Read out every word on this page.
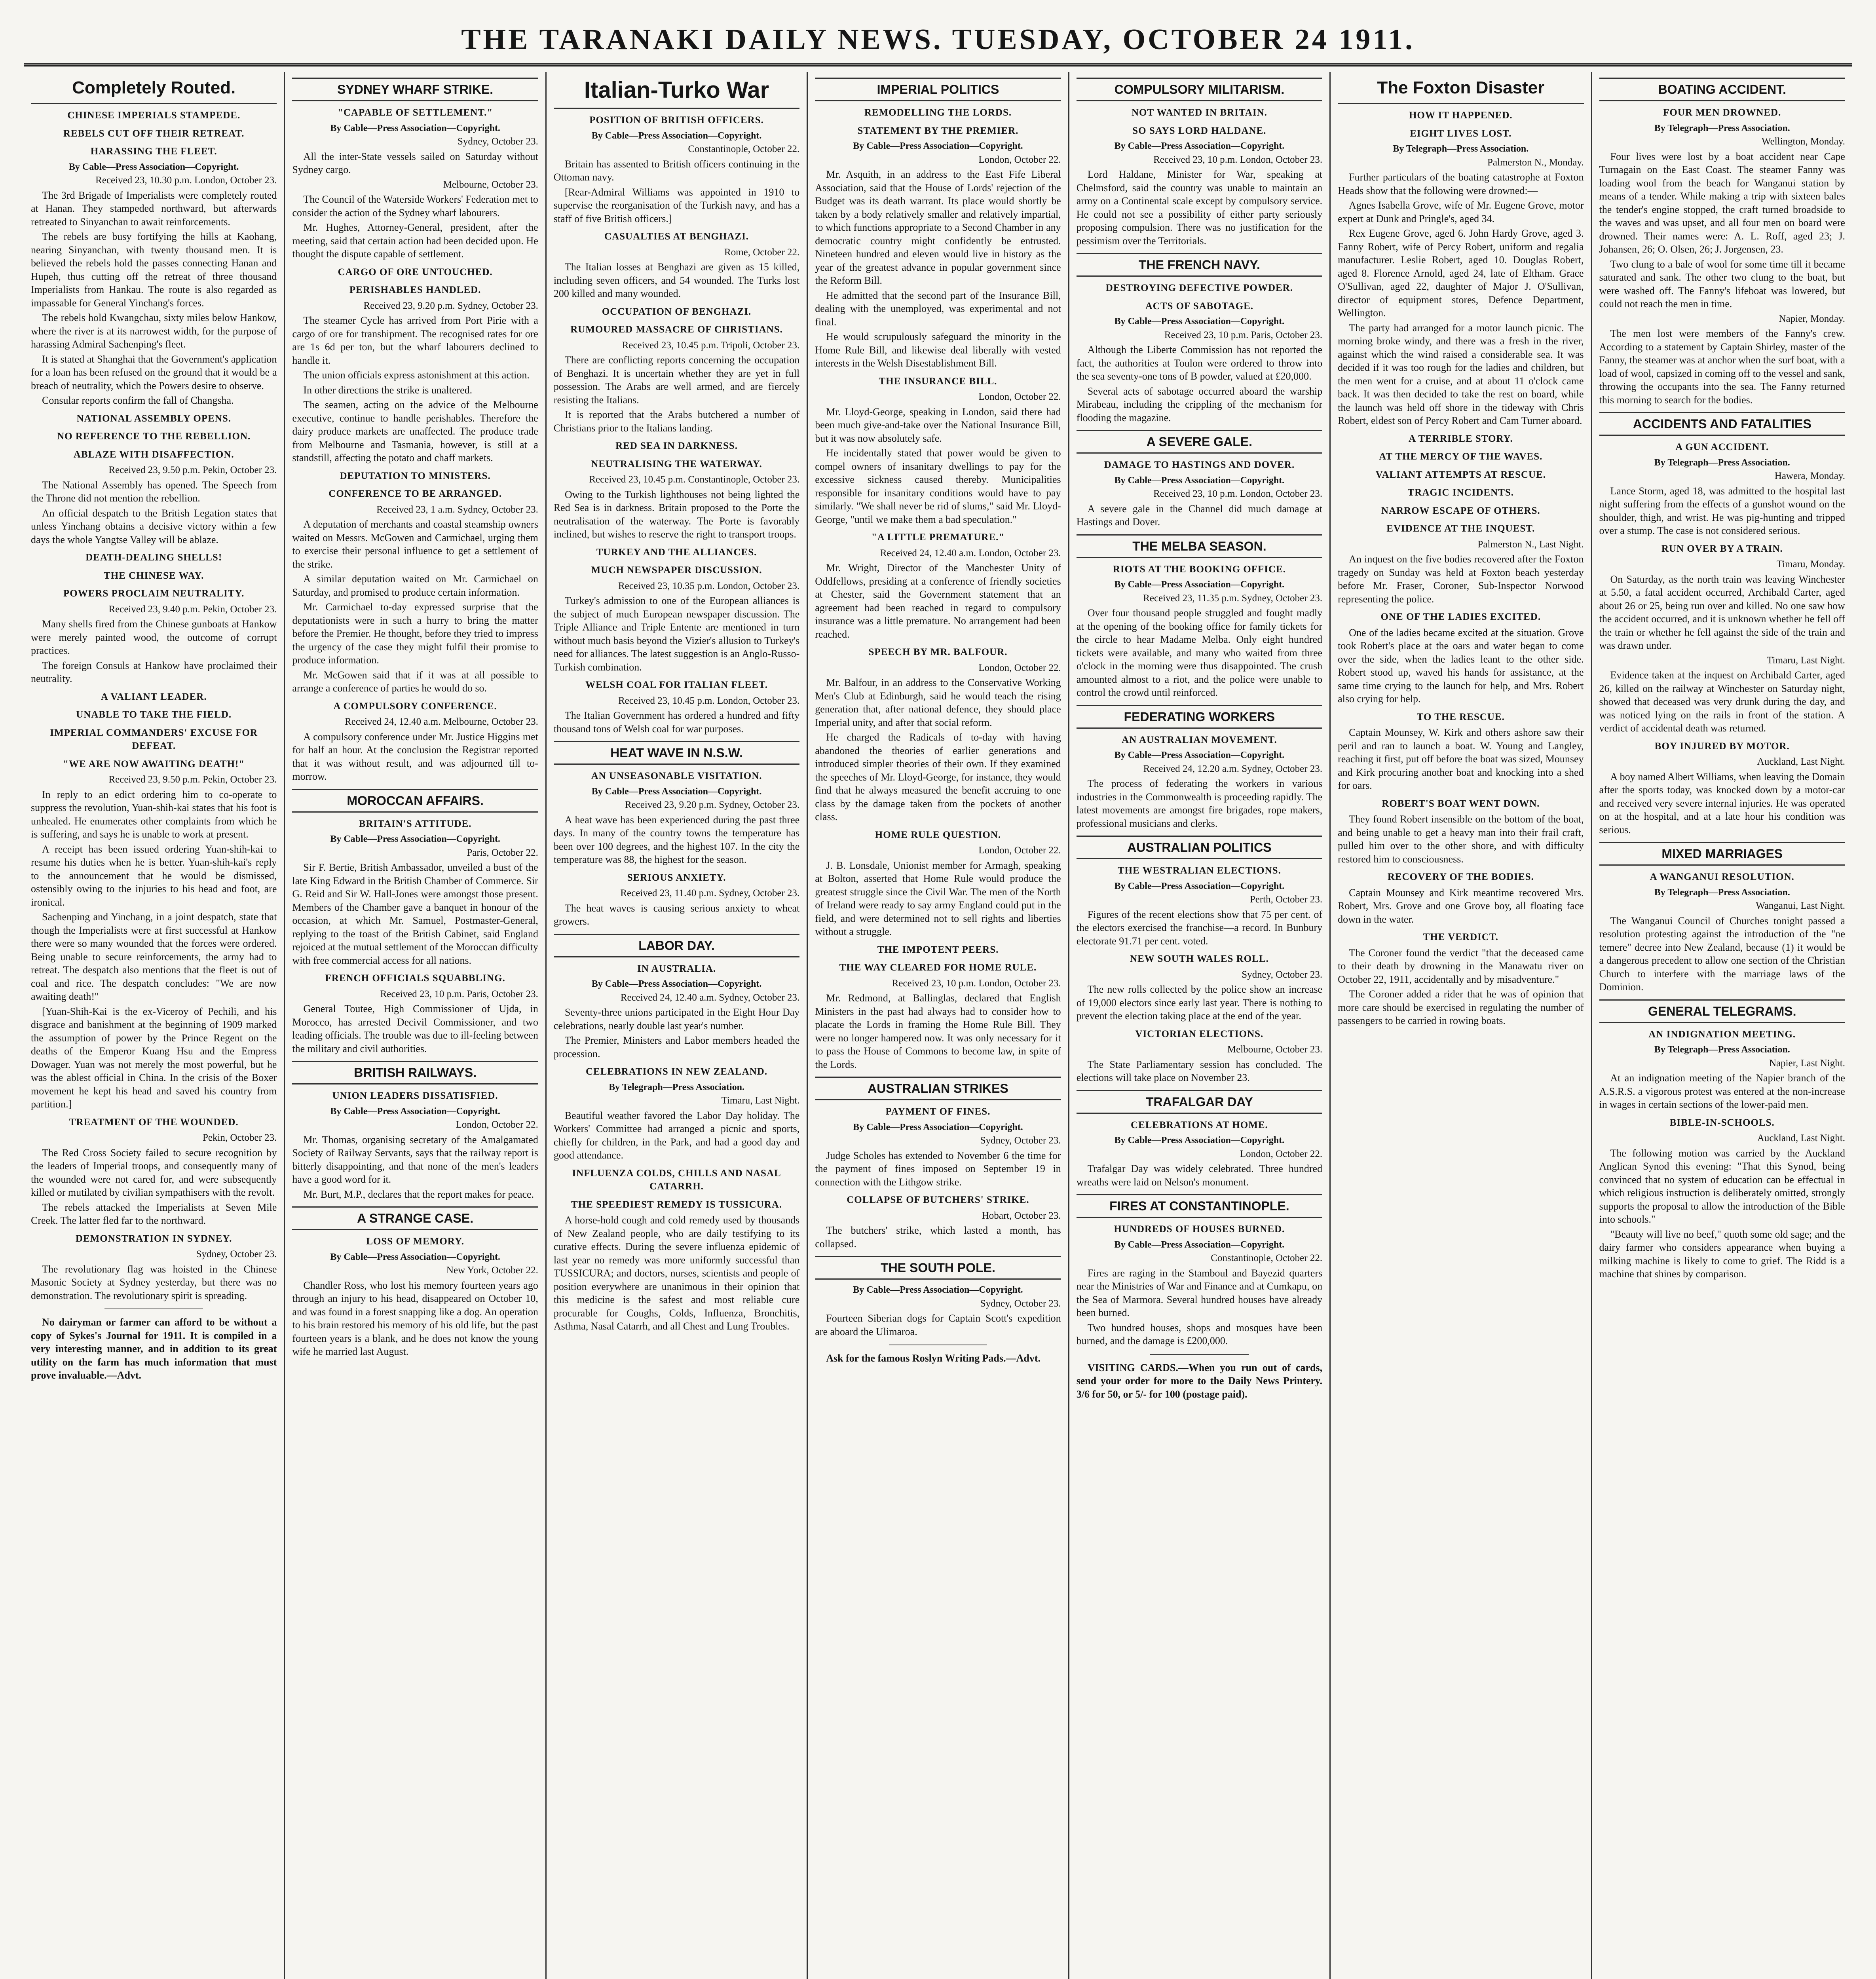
THE TARANAKI DAILY NEWS. TUESDAY, OCTOBER 24 1911.
Completely Routed.
CHINESE IMPERIALS STAMPEDE.
REBELS CUT OFF THEIR RETREAT.
HARASSING THE FLEET.

By Cable—Press Association—Copyright.

Received 23, 10.30 p.m. London, October 23.

The 3rd Brigade of Imperialists were completely routed at Hanan. They stampeded northward, but afterwards retreated to Sinyanchan to await reinforcements.

The rebels are busy fortifying the hills at Kaohang, nearing Sinyanchan, with twenty thousand men. It is believed the rebels hold the passes connecting Hanan and Hupeh, thus cutting off the retreat of three thousand Imperialists from Hankau. The route is also regarded as impassable for General Yinchang's forces.

The rebels hold Kwangchau, sixty miles below Hankow, where the river is at its narrowest width, for the purpose of harassing Admiral Sachenping's fleet.

It is stated at Shanghai that the Government's application for a loan has been refused on the ground that it would be a breach of neutrality, which the Powers desire to observe.

Consular reports confirm the fall of Changsha.

NATIONAL ASSEMBLY OPENS.
NO REFERENCE TO THE REBELLION.
ABLAZE WITH DISAFFECTION.

Received 23, 9.50 p.m. Pekin, October 23.

The National Assembly has opened. The Speech from the Throne did not mention the rebellion.

An official despatch to the British Legation states that unless Yinchang obtains a decisive victory within a few days the whole Yangtse Valley will be ablaze.

DEATH-DEALING SHELLS!
THE CHINESE WAY.
POWERS PROCLAIM NEUTRALITY.

Received 23, 9.40 p.m. Pekin, October 23.

Many shells fired from the Chinese gunboats at Hankow were merely painted wood, the outcome of corrupt practices.

The foreign Consuls at Hankow have proclaimed their neutrality.

A VALIANT LEADER.
UNABLE TO TAKE THE FIELD.
IMPERIAL COMMANDERS' EXCUSE FOR DEFEAT.
"WE ARE NOW AWAITING DEATH!"

Received 23, 9.50 p.m. Pekin, October 23.

In reply to an edict ordering him to co-operate to suppress the revolution, Yuan-shih-kai states that his foot is unhealed. He enumerates other complaints from which he is suffering, and says he is unable to work at present.

A receipt has been issued ordering Yuan-shih-kai to resume his duties when he is better. Yuan-shih-kai's reply to the announcement that he would be dismissed, ostensibly owing to the injuries to his head and foot, are ironical.

Sachenping and Yinchang, in a joint despatch, state that though the Imperialists were at first successful at Hankow there were so many wounded that the forces were ordered. Being unable to secure reinforcements, the army had to retreat. The despatch also mentions that the fleet is out of coal and rice. The despatch concludes: "We are now awaiting death!"

[Yuan-Shih-Kai is the ex-Viceroy of Pechili, and his disgrace and banishment at the beginning of 1909 marked the assumption of power by the Prince Regent on the deaths of the Emperor Kuang Hsu and the Empress Dowager. Yuan was not merely the most powerful, but he was the ablest official in China. In the crisis of the Boxer movement he kept his head and saved his country from partition.]

TREATMENT OF THE WOUNDED.

Pekin, October 23.

The Red Cross Society failed to secure recognition by the leaders of Imperial troops, and consequently many of the wounded were not cared for, and were subsequently killed or mutilated by civilian sympathisers with the revolt.

The rebels attacked the Imperialists at Seven Mile Creek. The latter fled far to the northward.

DEMONSTRATION IN SYDNEY.

Sydney, October 23.

The revolutionary flag was hoisted in the Chinese Masonic Society at Sydney yesterday, but there was no demonstration. The revolutionary spirit is spreading.

No dairyman or farmer can afford to be without a copy of Sykes's Journal for 1911. It is compiled in a very interesting manner, and in addition to its great utility on the farm has much information that must prove invaluable.—Advt.

SYDNEY WHARF STRIKE.
"CAPABLE OF SETTLEMENT."

By Cable—Press Association—Copyright.

Sydney, October 23.

All the inter-State vessels sailed on Saturday without Sydney cargo.

Melbourne, October 23.

The Council of the Waterside Workers' Federation met to consider the action of the Sydney wharf labourers.

Mr. Hughes, Attorney-General, president, after the meeting, said that certain action had been decided upon. He thought the dispute capable of settlement.

CARGO OF ORE UNTOUCHED.
PERISHABLES HANDLED.

Received 23, 9.20 p.m. Sydney, October 23.

The steamer Cycle has arrived from Port Pirie with a cargo of ore for transhipment. The recognised rates for ore are 1s 6d per ton, but the wharf labourers declined to handle it.

The union officials express astonishment at this action.

In other directions the strike is unaltered.

The seamen, acting on the advice of the Melbourne executive, continue to handle perishables. Therefore the dairy produce markets are unaffected. The produce trade from Melbourne and Tasmania, however, is still at a standstill, affecting the potato and chaff markets.

DEPUTATION TO MINISTERS.
CONFERENCE TO BE ARRANGED.

Received 23, 1 a.m. Sydney, October 23.

A deputation of merchants and coastal steamship owners waited on Messrs. McGowen and Carmichael, urging them to exercise their personal influence to get a settlement of the strike.

A similar deputation waited on Mr. Carmichael on Saturday, and promised to produce certain information.

Mr. Carmichael to-day expressed surprise that the deputationists were in such a hurry to bring the matter before the Premier. He thought, before they tried to impress the urgency of the case they might fulfil their promise to produce information.

Mr. McGowen said that if it was at all possible to arrange a conference of parties he would do so.

A COMPULSORY CONFERENCE.

Received 24, 12.40 a.m. Melbourne, October 23.

A compulsory conference under Mr. Justice Higgins met for half an hour. At the conclusion the Registrar reported that it was without result, and was adjourned till to-morrow.

MOROCCAN AFFAIRS.
BRITAIN'S ATTITUDE.

By Cable—Press Association—Copyright.

Paris, October 22.

Sir F. Bertie, British Ambassador, unveiled a bust of the late King Edward in the British Chamber of Commerce. Sir G. Reid and Sir W. Hall-Jones were amongst those present. Members of the Chamber gave a banquet in honour of the occasion, at which Mr. Samuel, Postmaster-General, replying to the toast of the British Cabinet, said England rejoiced at the mutual settlement of the Moroccan difficulty with free commercial access for all nations.

FRENCH OFFICIALS SQUABBLING.

Received 23, 10 p.m. Paris, October 23.

General Toutee, High Commissioner of Ujda, in Morocco, has arrested Decivil Commissioner, and two leading officials. The trouble was due to ill-feeling between the military and civil authorities.

BRITISH RAILWAYS.
UNION LEADERS DISSATISFIED.

By Cable—Press Association—Copyright.

London, October 22.

Mr. Thomas, organising secretary of the Amalgamated Society of Railway Servants, says that the railway report is bitterly disappointing, and that none of the men's leaders have a good word for it.

Mr. Burt, M.P., declares that the report makes for peace.

A STRANGE CASE.
LOSS OF MEMORY.

By Cable—Press Association—Copyright.

New York, October 22.

Chandler Ross, who lost his memory fourteen years ago through an injury to his head, disappeared on October 10, and was found in a forest snapping like a dog. An operation to his brain restored his memory of his old life, but the past fourteen years is a blank, and he does not know the young wife he married last August.

Italian-Turko War
POSITION OF BRITISH OFFICERS.

By Cable—Press Association—Copyright.

Constantinople, October 22.

Britain has assented to British officers continuing in the Ottoman navy.

[Rear-Admiral Williams was appointed in 1910 to supervise the reorganisation of the Turkish navy, and has a staff of five British officers.]

CASUALTIES AT BENGHAZI.

Rome, October 22.

The Italian losses at Benghazi are given as 15 killed, including seven officers, and 54 wounded. The Turks lost 200 killed and many wounded.

OCCUPATION OF BENGHAZI.
RUMOURED MASSACRE OF CHRISTIANS.

Received 23, 10.45 p.m. Tripoli, October 23.

There are conflicting reports concerning the occupation of Benghazi. It is uncertain whether they are yet in full possession. The Arabs are well armed, and are fiercely resisting the Italians.

It is reported that the Arabs butchered a number of Christians prior to the Italians landing.

RED SEA IN DARKNESS.
NEUTRALISING THE WATERWAY.

Received 23, 10.45 p.m. Constantinople, October 23.

Owing to the Turkish lighthouses not being lighted the Red Sea is in darkness. Britain proposed to the Porte the neutralisation of the waterway. The Porte is favorably inclined, but wishes to reserve the right to transport troops.

TURKEY AND THE ALLIANCES.
MUCH NEWSPAPER DISCUSSION.

Received 23, 10.35 p.m. London, October 23.

Turkey's admission to one of the European alliances is the subject of much European newspaper discussion. The Triple Alliance and Triple Entente are mentioned in turn without much basis beyond the Vizier's allusion to Turkey's need for alliances. The latest suggestion is an Anglo-Russo-Turkish combination.

WELSH COAL FOR ITALIAN FLEET.

Received 23, 10.45 p.m. London, October 23.

The Italian Government has ordered a hundred and fifty thousand tons of Welsh coal for war purposes.

HEAT WAVE IN N.S.W.
AN UNSEASONABLE VISITATION.

By Cable—Press Association—Copyright.

Received 23, 9.20 p.m. Sydney, October 23.

A heat wave has been experienced during the past three days. In many of the country towns the temperature has been over 100 degrees, and the highest 107. In the city the temperature was 88, the highest for the season.

SERIOUS ANXIETY.

Received 23, 11.40 p.m. Sydney, October 23.

The heat waves is causing serious anxiety to wheat growers.

LABOR DAY.
IN AUSTRALIA.

By Cable—Press Association—Copyright.

Received 24, 12.40 a.m. Sydney, October 23.

Seventy-three unions participated in the Eight Hour Day celebrations, nearly double last year's number.

The Premier, Ministers and Labor members headed the procession.

CELEBRATIONS IN NEW ZEALAND.

By Telegraph—Press Association.

Timaru, Last Night.

Beautiful weather favored the Labor Day holiday. The Workers' Committee had arranged a picnic and sports, chiefly for children, in the Park, and had a good day and good attendance.

INFLUENZA COLDS, CHILLS AND NASAL CATARRH.
THE SPEEDIEST REMEDY IS TUSSICURA.

A horse-hold cough and cold remedy used by thousands of New Zealand people, who are daily testifying to its curative effects. During the severe influenza epidemic of last year no remedy was more uniformly successful than TUSSICURA; and doctors, nurses, scientists and people of position everywhere are unanimous in their opinion that this medicine is the safest and most reliable cure procurable for Coughs, Colds, Influenza, Bronchitis, Asthma, Nasal Catarrh, and all Chest and Lung Troubles.

IMPERIAL POLITICS
REMODELLING THE LORDS.
STATEMENT BY THE PREMIER.

By Cable—Press Association—Copyright.

London, October 22.

Mr. Asquith, in an address to the East Fife Liberal Association, said that the House of Lords' rejection of the Budget was its death warrant. Its place would shortly be taken by a body relatively smaller and relatively impartial, to which functions appropriate to a Second Chamber in any democratic country might confidently be entrusted. Nineteen hundred and eleven would live in history as the year of the greatest advance in popular government since the Reform Bill.

He admitted that the second part of the Insurance Bill, dealing with the unemployed, was experimental and not final.

He would scrupulously safeguard the minority in the Home Rule Bill, and likewise deal liberally with vested interests in the Welsh Disestablishment Bill.

THE INSURANCE BILL.

London, October 22.

Mr. Lloyd-George, speaking in London, said there had been much give-and-take over the National Insurance Bill, but it was now absolutely safe.

He incidentally stated that power would be given to compel owners of insanitary dwellings to pay for the excessive sickness caused thereby. Municipalities responsible for insanitary conditions would have to pay similarly. "We shall never be rid of slums," said Mr. Lloyd-George, "until we make them a bad speculation."

"A LITTLE PREMATURE."

Received 24, 12.40 a.m. London, October 23.

Mr. Wright, Director of the Manchester Unity of Oddfellows, presiding at a conference of friendly societies at Chester, said the Government statement that an agreement had been reached in regard to compulsory insurance was a little premature. No arrangement had been reached.

SPEECH BY MR. BALFOUR.

London, October 22.

Mr. Balfour, in an address to the Conservative Working Men's Club at Edinburgh, said he would teach the rising generation that, after national defence, they should place Imperial unity, and after that social reform.

He charged the Radicals of to-day with having abandoned the theories of earlier generations and introduced simpler theories of their own. If they examined the speeches of Mr. Lloyd-George, for instance, they would find that he always measured the benefit accruing to one class by the damage taken from the pockets of another class.

HOME RULE QUESTION.

London, October 22.

J. B. Lonsdale, Unionist member for Armagh, speaking at Bolton, asserted that Home Rule would produce the greatest struggle since the Civil War. The men of the North of Ireland were ready to say army England could put in the field, and were determined not to sell rights and liberties without a struggle.

THE IMPOTENT PEERS.
THE WAY CLEARED FOR HOME RULE.

Received 23, 10 p.m. London, October 23.

Mr. Redmond, at Ballinglas, declared that English Ministers in the past had always had to consider how to placate the Lords in framing the Home Rule Bill. They were no longer hampered now. It was only necessary for it to pass the House of Commons to become law, in spite of the Lords.

AUSTRALIAN STRIKES
PAYMENT OF FINES.

By Cable—Press Association—Copyright.

Sydney, October 23.

Judge Scholes has extended to November 6 the time for the payment of fines imposed on September 19 in connection with the Lithgow strike.

COLLAPSE OF BUTCHERS' STRIKE.

Hobart, October 23.

The butchers' strike, which lasted a month, has collapsed.

THE SOUTH POLE.

By Cable—Press Association—Copyright.

Sydney, October 23.

Fourteen Siberian dogs for Captain Scott's expedition are aboard the Ulimaroa.

Ask for the famous Roslyn Writing Pads.—Advt.

COMPULSORY MILITARISM.
NOT WANTED IN BRITAIN.
SO SAYS LORD HALDANE.

By Cable—Press Association—Copyright.

Received 23, 10 p.m. London, October 23.

Lord Haldane, Minister for War, speaking at Chelmsford, said the country was unable to maintain an army on a Continental scale except by compulsory service. He could not see a possibility of either party seriously proposing compulsion. There was no justification for the pessimism over the Territorials.

THE FRENCH NAVY.
DESTROYING DEFECTIVE POWDER.
ACTS OF SABOTAGE.

By Cable—Press Association—Copyright.

Received 23, 10 p.m. Paris, October 23.

Although the Liberte Commission has not reported the fact, the authorities at Toulon were ordered to throw into the sea seventy-one tons of B powder, valued at £20,000.

Several acts of sabotage occurred aboard the warship Mirabeau, including the crippling of the mechanism for flooding the magazine.

A SEVERE GALE.
DAMAGE TO HASTINGS AND DOVER.

By Cable—Press Association—Copyright.

Received 23, 10 p.m. London, October 23.

A severe gale in the Channel did much damage at Hastings and Dover.

THE MELBA SEASON.
RIOTS AT THE BOOKING OFFICE.

By Cable—Press Association—Copyright.

Received 23, 11.35 p.m. Sydney, October 23.

Over four thousand people struggled and fought madly at the opening of the booking office for family tickets for the circle to hear Madame Melba. Only eight hundred tickets were available, and many who waited from three o'clock in the morning were thus disappointed. The crush amounted almost to a riot, and the police were unable to control the crowd until reinforced.

FEDERATING WORKERS
AN AUSTRALIAN MOVEMENT.

By Cable—Press Association—Copyright.

Received 24, 12.20 a.m. Sydney, October 23.

The process of federating the workers in various industries in the Commonwealth is proceeding rapidly. The latest movements are amongst fire brigades, rope makers, professional musicians and clerks.

AUSTRALIAN POLITICS
THE WESTRALIAN ELECTIONS.

By Cable—Press Association—Copyright.

Perth, October 23.

Figures of the recent elections show that 75 per cent. of the electors exercised the franchise—a record. In Bunbury electorate 91.71 per cent. voted.

NEW SOUTH WALES ROLL.

Sydney, October 23.

The new rolls collected by the police show an increase of 19,000 electors since early last year. There is nothing to prevent the election taking place at the end of the year.

VICTORIAN ELECTIONS.

Melbourne, October 23.

The State Parliamentary session has concluded. The elections will take place on November 23.

TRAFALGAR DAY
CELEBRATIONS AT HOME.

By Cable—Press Association—Copyright.

London, October 22.

Trafalgar Day was widely celebrated. Three hundred wreaths were laid on Nelson's monument.

FIRES AT CONSTANTINOPLE.
HUNDREDS OF HOUSES BURNED.

By Cable—Press Association—Copyright.

Constantinople, October 22.

Fires are raging in the Stamboul and Bayezid quarters near the Ministries of War and Finance and at Cumkapu, on the Sea of Marmora. Several hundred houses have already been burned.

Two hundred houses, shops and mosques have been burned, and the damage is £200,000.

VISITING CARDS.—When you run out of cards, send your order for more to the Daily News Printery. 3/6 for 50, or 5/- for 100 (postage paid).

The Foxton Disaster
HOW IT HAPPENED.
EIGHT LIVES LOST.

By Telegraph—Press Association.

Palmerston N., Monday.

Further particulars of the boating catastrophe at Foxton Heads show that the following were drowned:—

Agnes Isabella Grove, wife of Mr. Eugene Grove, motor expert at Dunk and Pringle's, aged 34.

Rex Eugene Grove, aged 6. John Hardy Grove, aged 3. Fanny Robert, wife of Percy Robert, uniform and regalia manufacturer. Leslie Robert, aged 10. Douglas Robert, aged 8. Florence Arnold, aged 24, late of Eltham. Grace O'Sullivan, aged 22, daughter of Major J. O'Sullivan, director of equipment stores, Defence Department, Wellington.

The party had arranged for a motor launch picnic. The morning broke windy, and there was a fresh in the river, against which the wind raised a considerable sea. It was decided if it was too rough for the ladies and children, but the men went for a cruise, and at about 11 o'clock came back. It was then decided to take the rest on board, while the launch was held off shore in the tideway with Chris Robert, eldest son of Percy Robert and Cam Turner aboard.

A TERRIBLE STORY.
AT THE MERCY OF THE WAVES.
VALIANT ATTEMPTS AT RESCUE.
TRAGIC INCIDENTS.
NARROW ESCAPE OF OTHERS.
EVIDENCE AT THE INQUEST.

Palmerston N., Last Night.

An inquest on the five bodies recovered after the Foxton tragedy on Sunday was held at Foxton beach yesterday before Mr. Fraser, Coroner, Sub-Inspector Norwood representing the police.

ONE OF THE LADIES EXCITED.

One of the ladies became excited at the situation. Grove took Robert's place at the oars and water began to come over the side, when the ladies leant to the other side. Robert stood up, waved his hands for assistance, at the same time crying to the launch for help, and Mrs. Robert also crying for help.

TO THE RESCUE.

Captain Mounsey, W. Kirk and others ashore saw their peril and ran to launch a boat. W. Young and Langley, reaching it first, put off before the boat was sized, Mounsey and Kirk procuring another boat and knocking into a shed for oars.

ROBERT'S BOAT WENT DOWN.

They found Robert insensible on the bottom of the boat, and being unable to get a heavy man into their frail craft, pulled him over to the other shore, and with difficulty restored him to consciousness.

RECOVERY OF THE BODIES.

Captain Mounsey and Kirk meantime recovered Mrs. Robert, Mrs. Grove and one Grove boy, all floating face down in the water.

THE VERDICT.

The Coroner found the verdict "that the deceased came to their death by drowning in the Manawatu river on October 22, 1911, accidentally and by misadventure."

The Coroner added a rider that he was of opinion that more care should be exercised in regulating the number of passengers to be carried in rowing boats.

BOATING ACCIDENT.
FOUR MEN DROWNED.

By Telegraph—Press Association.

Wellington, Monday.

Four lives were lost by a boat accident near Cape Turnagain on the East Coast. The steamer Fanny was loading wool from the beach for Wanganui station by means of a tender. While making a trip with sixteen bales the tender's engine stopped, the craft turned broadside to the waves and was upset, and all four men on board were drowned. Their names were: A. L. Roff, aged 23; J. Johansen, 26; O. Olsen, 26; J. Jorgensen, 23.

Two clung to a bale of wool for some time till it became saturated and sank. The other two clung to the boat, but were washed off. The Fanny's lifeboat was lowered, but could not reach the men in time.

Napier, Monday.

The men lost were members of the Fanny's crew. According to a statement by Captain Shirley, master of the Fanny, the steamer was at anchor when the surf boat, with a load of wool, capsized in coming off to the vessel and sank, throwing the occupants into the sea. The Fanny returned this morning to search for the bodies.

ACCIDENTS AND FATALITIES
A GUN ACCIDENT.

By Telegraph—Press Association.

Hawera, Monday.

Lance Storm, aged 18, was admitted to the hospital last night suffering from the effects of a gunshot wound on the shoulder, thigh, and wrist. He was pig-hunting and tripped over a stump. The case is not considered serious.

RUN OVER BY A TRAIN.

Timaru, Monday.

On Saturday, as the north train was leaving Winchester at 5.50, a fatal accident occurred, Archibald Carter, aged about 26 or 25, being run over and killed. No one saw how the accident occurred, and it is unknown whether he fell off the train or whether he fell against the side of the train and was drawn under.

Timaru, Last Night.

Evidence taken at the inquest on Archibald Carter, aged 26, killed on the railway at Winchester on Saturday night, showed that deceased was very drunk during the day, and was noticed lying on the rails in front of the station. A verdict of accidental death was returned.

BOY INJURED BY MOTOR.

Auckland, Last Night.

A boy named Albert Williams, when leaving the Domain after the sports today, was knocked down by a motor-car and received very severe internal injuries. He was operated on at the hospital, and at a late hour his condition was serious.

MIXED MARRIAGES
A WANGANUI RESOLUTION.

By Telegraph—Press Association.

Wanganui, Last Night.

The Wanganui Council of Churches tonight passed a resolution protesting against the introduction of the "ne temere" decree into New Zealand, because (1) it would be a dangerous precedent to allow one section of the Christian Church to interfere with the marriage laws of the Dominion.

GENERAL TELEGRAMS.
AN INDIGNATION MEETING.

By Telegraph—Press Association.

Napier, Last Night.

At an indignation meeting of the Napier branch of the A.S.R.S. a vigorous protest was entered at the non-increase in wages in certain sections of the lower-paid men.

BIBLE-IN-SCHOOLS.

Auckland, Last Night.

The following motion was carried by the Auckland Anglican Synod this evening: "That this Synod, being convinced that no system of education can be effectual in which religious instruction is deliberately omitted, strongly supports the proposal to allow the introduction of the Bible into schools."

"Beauty will live no beef," quoth some old sage; and the dairy farmer who considers appearance when buying a milking machine is likely to come to grief. The Ridd is a machine that shines by comparison.
